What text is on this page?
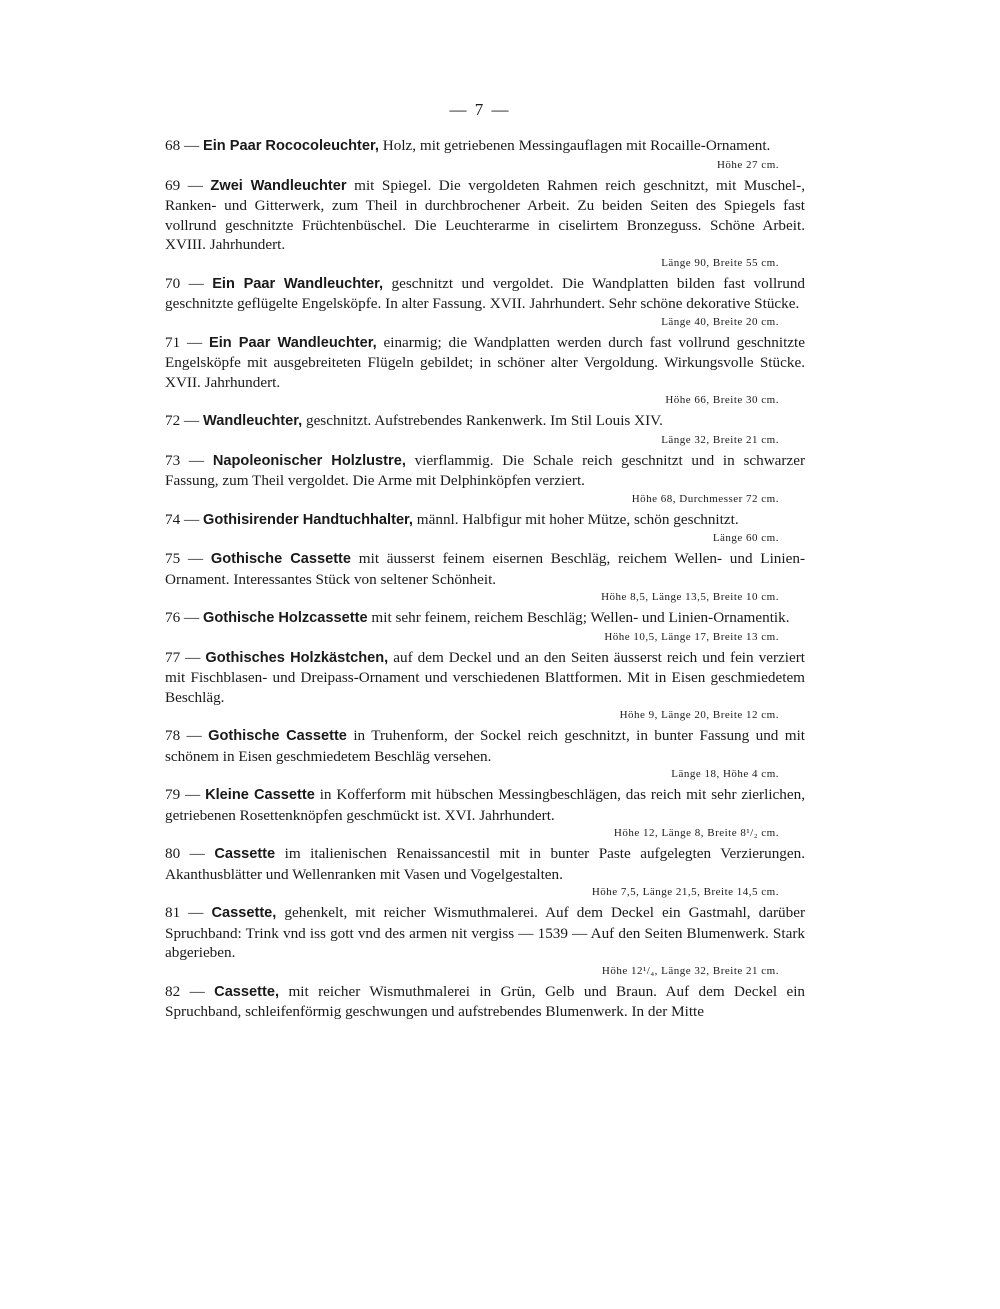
— 7 —
68 — Ein Paar Rococoleuchter, Holz, mit getriebenen Messingauflagen mit Rocaille-Ornament.
Höhe 27 cm.
69 — Zwei Wandleuchter mit Spiegel. Die vergoldeten Rahmen reich geschnitzt, mit Muschel-, Ranken- und Gitterwerk, zum Theil in durchbrochener Arbeit. Zu beiden Seiten des Spiegels fast vollrund geschnitzte Früchtenbüschel. Die Leuchterarme in ciselirtem Bronzeguss. Schöne Arbeit. XVIII. Jahrhundert.
Länge 90, Breite 55 cm.
70 — Ein Paar Wandleuchter, geschnitzt und vergoldet. Die Wandplatten bilden fast vollrund geschnitzte geflügelte Engelsköpfe. In alter Fassung. XVII. Jahrhundert. Sehr schöne dekorative Stücke.
Länge 40, Breite 20 cm.
71 — Ein Paar Wandleuchter, einarmig; die Wandplatten werden durch fast vollrund geschnitzte Engelsköpfe mit ausgebreiteten Flügeln gebildet; in schöner alter Vergoldung. Wirkungsvolle Stücke. XVII. Jahrhundert.
Höhe 66, Breite 30 cm.
72 — Wandleuchter, geschnitzt. Aufstrebendes Rankenwerk. Im Stil Louis XIV.
Länge 32, Breite 21 cm.
73 — Napoleonischer Holzlustre, vierflammig. Die Schale reich geschnitzt und in schwarzer Fassung, zum Theil vergoldet. Die Arme mit Delphinköpfen verziert.
Höhe 68, Durchmesser 72 cm.
74 — Gothisirender Handtuchhalter, männl. Halbfigur mit hoher Mütze, schön geschnitzt.
Länge 60 cm.
75 — Gothische Cassette mit äusserst feinem eisernen Beschläg, reichem Wellen- und Linien-Ornament. Interessantes Stück von seltener Schönheit.
Höhe 8,5, Länge 13,5, Breite 10 cm.
76 — Gothische Holzcassette mit sehr feinem, reichem Beschläg; Wellen- und Linien-Ornamentik.
Höhe 10,5, Länge 17, Breite 13 cm.
77 — Gothisches Holzkästchen, auf dem Deckel und an den Seiten äusserst reich und fein verziert mit Fischblasen- und Dreipass-Ornament und verschiedenen Blattformen. Mit in Eisen geschmiedetem Beschläg.
Höhe 9, Länge 20, Breite 12 cm.
78 — Gothische Cassette in Truhenform, der Sockel reich geschnitzt, in bunter Fassung und mit schönem in Eisen geschmiedetem Beschläg versehen.
Länge 18, Höhe 4 cm.
79 — Kleine Cassette in Kofferform mit hübschen Messingbeschlägen, das reich mit sehr zierlichen, getriebenen Rosettenknöpfen geschmückt ist. XVI. Jahrhundert.
Höhe 12, Länge 8, Breite 8¹/₂ cm.
80 — Cassette im italienischen Renaissancestil mit in bunter Paste aufgelegten Verzierungen. Akanthusblätter und Wellenranken mit Vasen und Vogelgestalten.
Höhe 7,5, Länge 21,5, Breite 14,5 cm.
81 — Cassette, gehenkelt, mit reicher Wismuthmalerei. Auf dem Deckel ein Gastmahl, darüber Spruchband: Trink vnd iss gott vnd des armen nit vergiss — 1539 — Auf den Seiten Blumenwerk. Stark abgerieben.
Höhe 12¹/₄, Länge 32, Breite 21 cm.
82 — Cassette, mit reicher Wismuthmalerei in Grün, Gelb und Braun. Auf dem Deckel ein Spruchband, schleifenförmig geschwungen und aufstrebendes Blumenwerk. In der Mitte
